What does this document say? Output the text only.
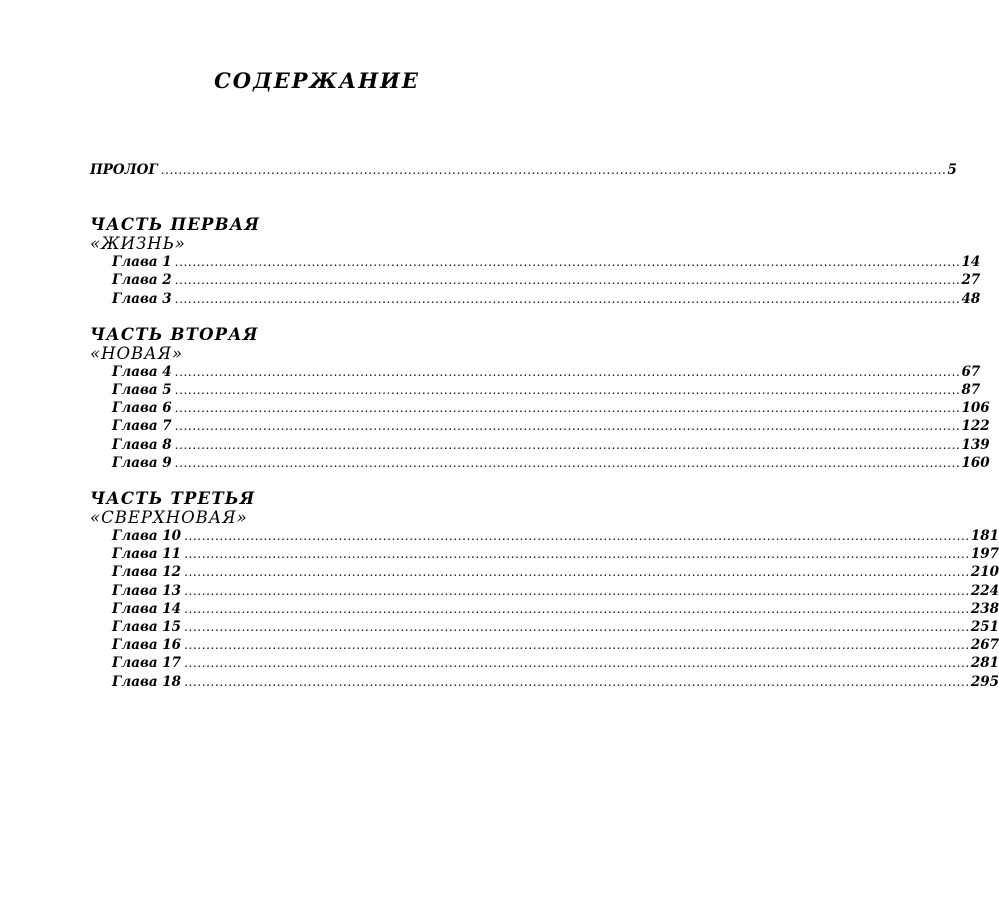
СОДЕРЖАНИЕ
ПРОЛОГ .................................................................................................................................................................................. 5

ЧАСТЬ ПЕРВАЯ

«ЖИЗНЬ»

Глава 1 .................................................................................................................................................................................. 14
Глава 2 .................................................................................................................................................................................. 27
Глава 3 .................................................................................................................................................................................. 48

ЧАСТЬ ВТОРАЯ

«НОВАЯ»

Глава 4 .................................................................................................................................................................................. 67
Глава 5 .................................................................................................................................................................................. 87
Глава 6 .................................................................................................................................................................................. 106
Глава 7 .................................................................................................................................................................................. 122
Глава 8 .................................................................................................................................................................................. 139
Глава 9 .................................................................................................................................................................................. 160

ЧАСТЬ ТРЕТЬЯ

«СВЕРХНОВАЯ»

Глава 10 .................................................................................................................................................................................. 181
Глава 11 .................................................................................................................................................................................. 197
Глава 12 .................................................................................................................................................................................. 210
Глава 13 .................................................................................................................................................................................. 224
Глава 14 .................................................................................................................................................................................. 238
Глава 15 .................................................................................................................................................................................. 251
Глава 16 .................................................................................................................................................................................. 267
Глава 17 .................................................................................................................................................................................. 281
Глава 18 .................................................................................................................................................................................. 295
